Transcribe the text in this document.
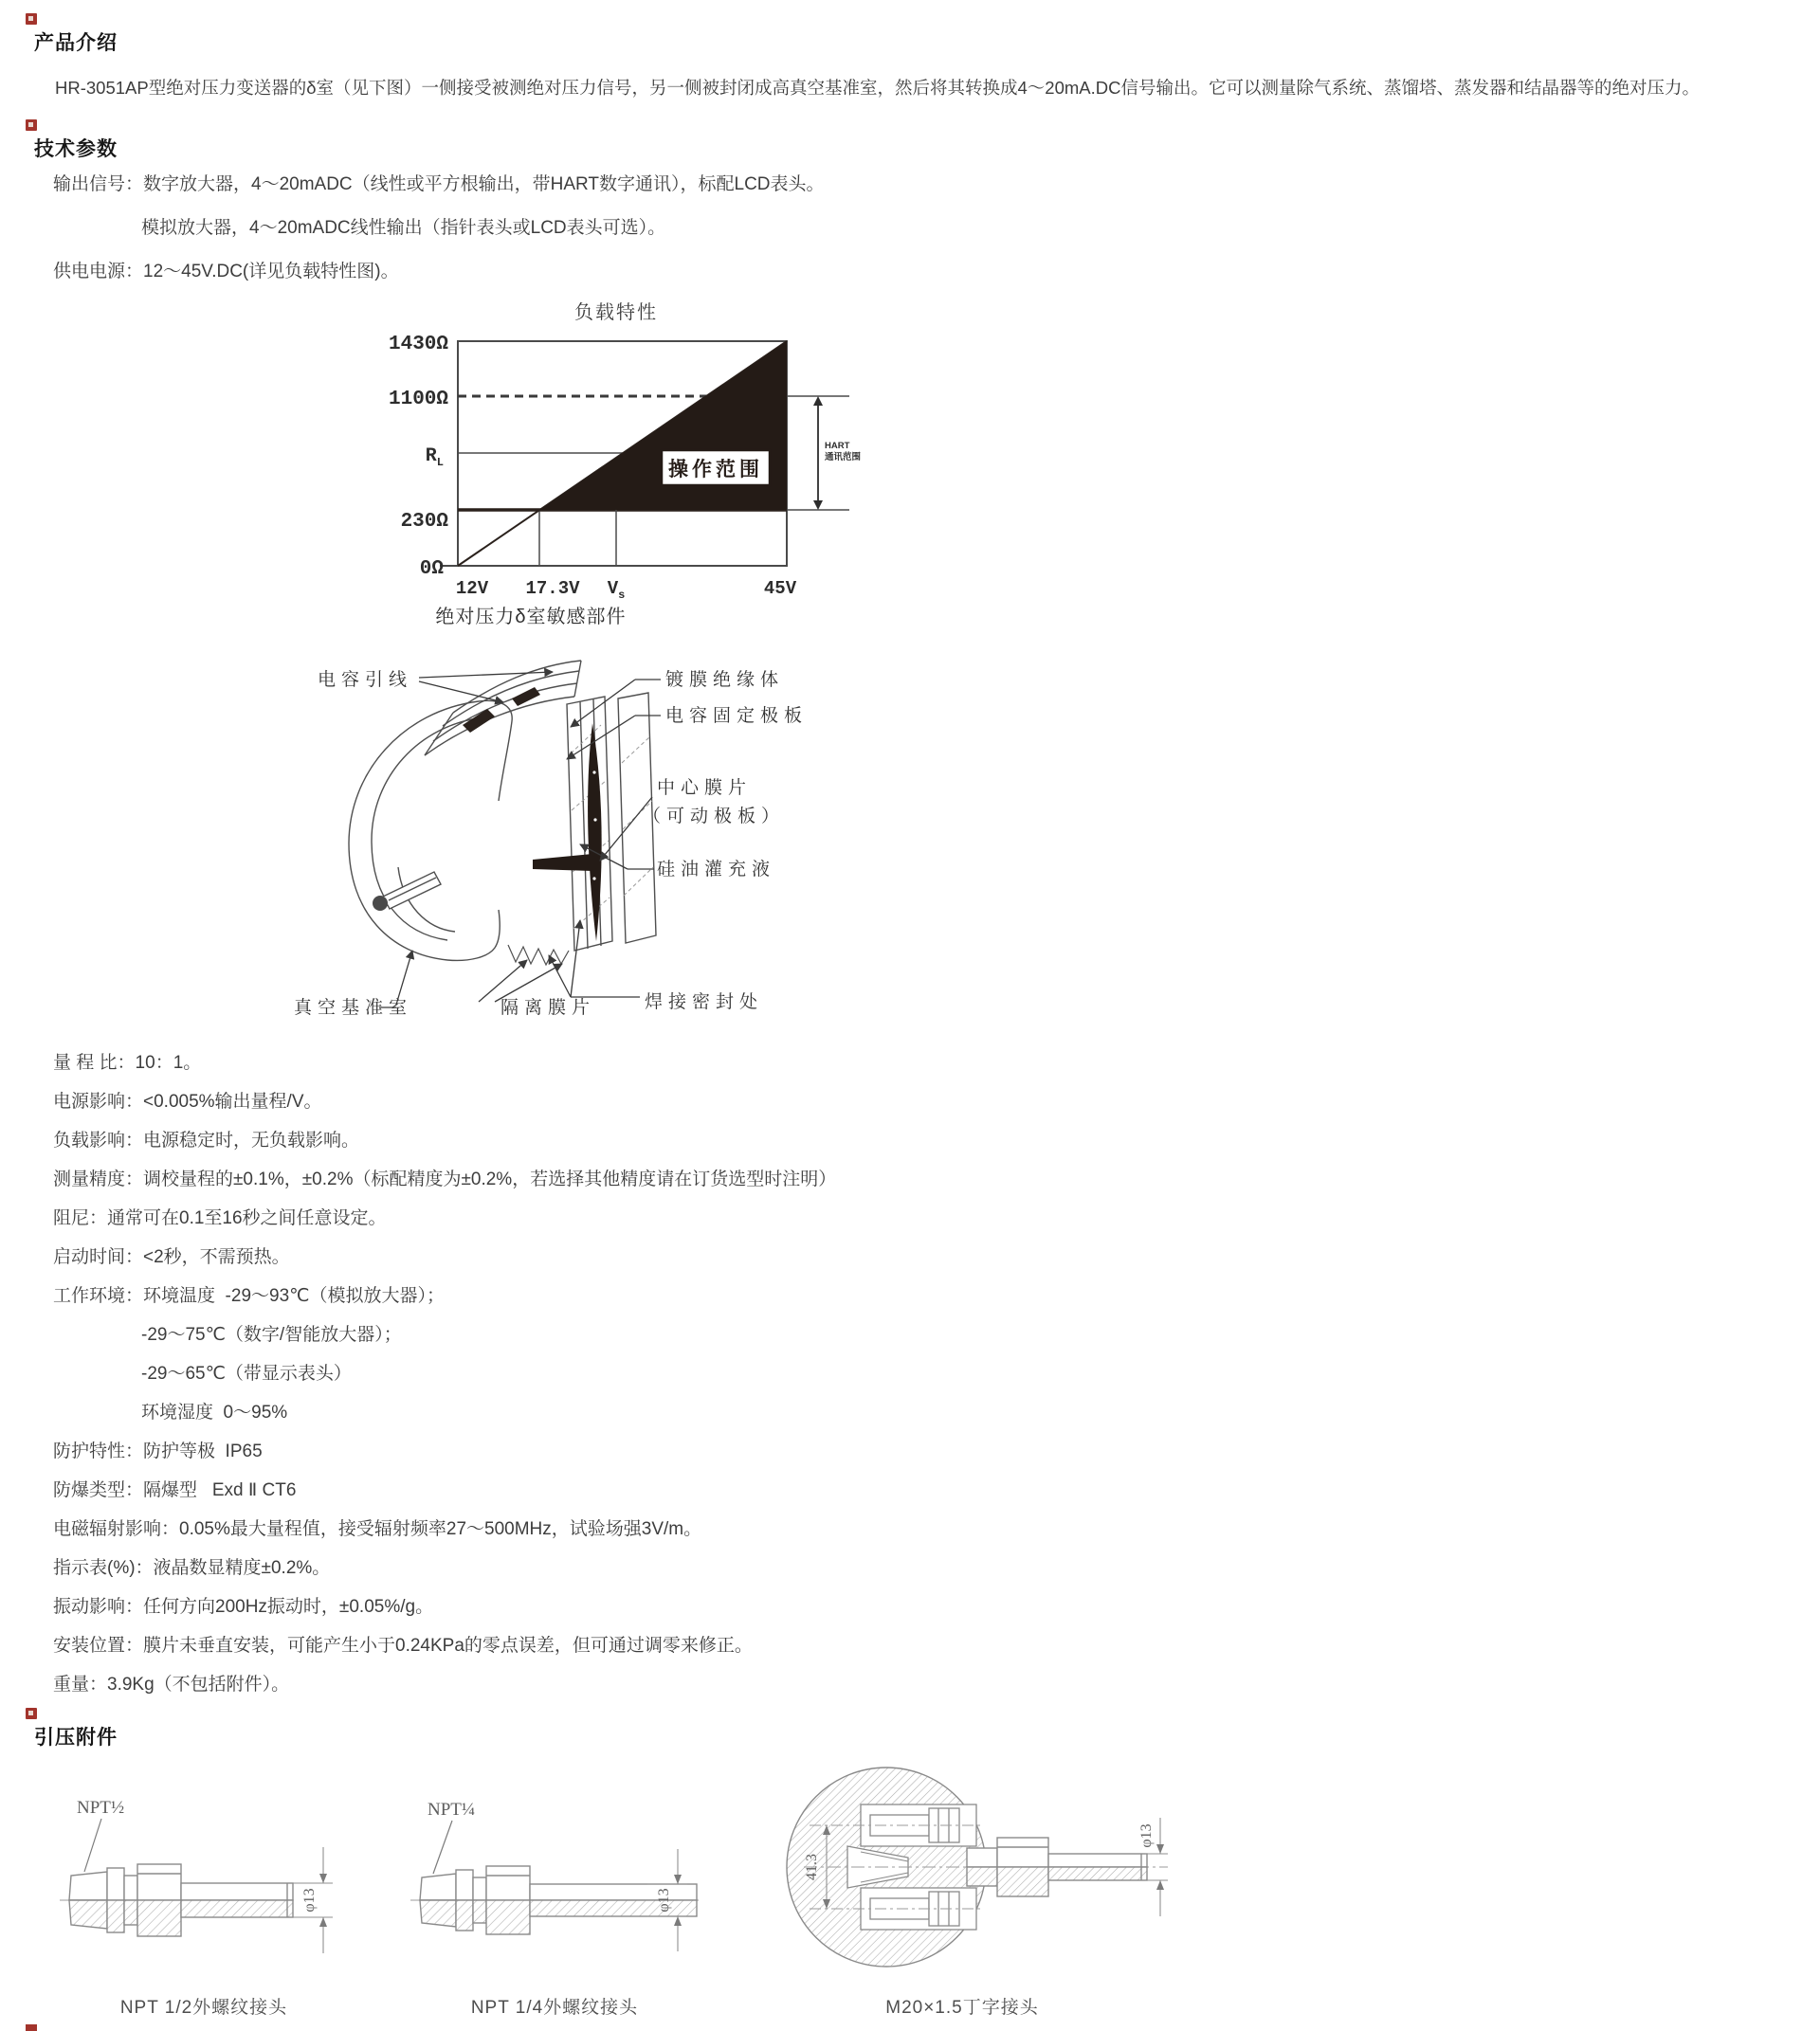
产品介绍

HR-3051AP型绝对压力变送器的δ室（见下图）一侧接受被测绝对压力信号，另一侧被封闭成高真空基准室，然后将其转换成4～20mA.DC信号输出。它可以测量除气系统、蒸馏塔、蒸发器和结晶器等的绝对压力。

技术参数

输出信号：数字放大器，4～20mADC（线性或平方根输出，带HART数字通讯），标配LCD表头。

模拟放大器，4～20mADC线性输出（指针表头或LCD表头可选）。

供电电源：12～45V.DC(详见负载特性图)。

负载特性
操作范围
1430Ω
1100Ω
$R_L$
230Ω
0Ω
12V 17.3V $V_s$	45V
HART
通讯范围
绝对压力δ室敏感部件
电容引线	镀膜绝缘体
电容固定极板
中心膜片
（可动极板）
硅油灌充液
真空基准室	隔离膜片	焊接密封处

量 程 比：10：1。

电源影响：<0.005%输出量程/V。

负载影响：电源稳定时，无负载影响。

测量精度：调校量程的±0.1%，±0.2%（标配精度为±0.2%，若选择其他精度请在订货选型时注明）

阻尼：通常可在0.1至16秒之间任意设定。

启动时间：<2秒，不需预热。

工作环境：环境温度  -29～93℃（模拟放大器）；

-29～75℃（数字/智能放大器）；

-29～65℃（带显示表头）

环境湿度  0～95%

防护特性：防护等极  IP65

防爆类型：隔爆型   Exd Ⅱ CT6

电磁辐射影响：0.05%最大量程值，接受辐射频率27～500MHz，试验场强3V/m。

指示表(%)：液晶数显精度±0.2%。

振动影响：任何方向200Hz振动时，±0.05%/g。

安装位置：膜片未垂直安装，可能产生小于0.24KPa的零点误差，但可通过调零来修正。

重量：3.9Kg（不包括附件）。

引压附件
NPT½
φ13

NPT 1/2外螺纹接头

NPT¼
φ13

NPT 1/4外螺纹接头

41.3
φ13

M20×1.5丁字接头
